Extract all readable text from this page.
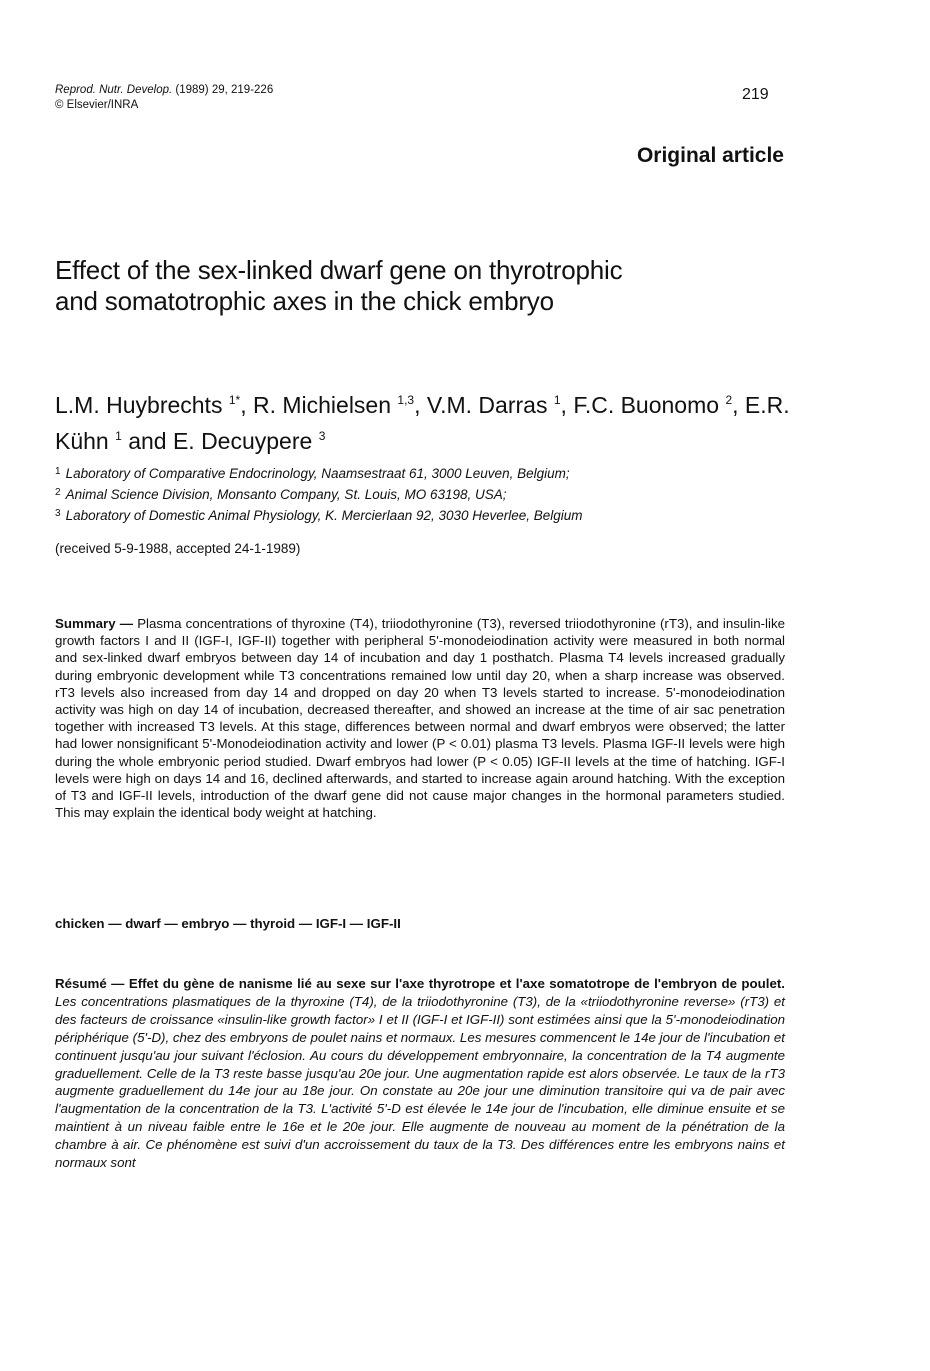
Reprod. Nutr. Develop. (1989) 29, 219-226
© Elsevier/INRA
219
Original article
Effect of the sex-linked dwarf gene on thyrotrophic
and somatotrophic axes in the chick embryo
L.M. Huybrechts $^{1*}$, R. Michielsen $^{1,3}$, V.M. Darras $^1$, F.C. Buonomo $^2$, E.R. Kühn $^1$ and E. Decuypere $^3$
$^1$ Laboratory of Comparative Endocrinology, Naamsestraat 61, 3000 Leuven, Belgium;
$^2$ Animal Science Division, Monsanto Company, St. Louis, MO 63198, USA;
$^3$ Laboratory of Domestic Animal Physiology, K. Mercierlaan 92, 3030 Heverlee, Belgium
(received 5-9-1988, accepted 24-1-1989)
Summary — Plasma concentrations of thyroxine (T4), triiodothyronine (T3), reversed triiodothyronine (rT3), and insulin-like growth factors I and II (IGF-I, IGF-II) together with peripheral 5'-monodeiodination activity were measured in both normal and sex-linked dwarf embryos between day 14 of incubation and day 1 posthatch. Plasma T4 levels increased gradually during embryonic development while T3 concentrations remained low until day 20, when a sharp increase was observed. rT3 levels also increased from day 14 and dropped on day 20 when T3 levels started to increase. 5'-monodeiodination activity was high on day 14 of incubation, decreased thereafter, and showed an increase at the time of air sac penetration together with increased T3 levels. At this stage, differences between normal and dwarf embryos were observed; the latter had lower nonsignificant 5'-Monodeiodination activity and lower (P < 0.01) plasma T3 levels. Plasma IGF-II levels were high during the whole embryonic period studied. Dwarf embryos had lower (P < 0.05) IGF-II levels at the time of hatching. IGF-I levels were high on days 14 and 16, declined afterwards, and started to increase again around hatching. With the exception of T3 and IGF-II levels, introduction of the dwarf gene did not cause major changes in the hormonal parameters studied. This may explain the identical body weight at hatching.
chicken — dwarf — embryo — thyroid — IGF-I — IGF-II
Résumé — Effet du gène de nanisme lié au sexe sur l'axe thyrotrope et l'axe somatotrope de l'embryon de poulet. Les concentrations plasmatiques de la thyroxine (T4), de la triiodothyronine (T3), de la «triiodothyronine reverse» (rT3) et des facteurs de croissance «insulin-like growth factor» I et II (IGF-I et IGF-II) sont estimées ainsi que la 5'-monodeiodination périphérique (5'-D), chez des embryons de poulet nains et normaux. Les mesures commencent le 14e jour de l'incubation et continuent jusqu'au jour suivant l'éclosion. Au cours du développement embryonnaire, la concentration de la T4 augmente graduellement. Celle de la T3 reste basse jusqu'au 20e jour. Une augmentation rapide est alors observée. Le taux de la rT3 augmente graduellement du 14e jour au 18e jour. On constate au 20e jour une diminution transitoire qui va de pair avec l'augmentation de la concentration de la T3. L'activité 5'-D est élevée le 14e jour de l'incubation, elle diminue ensuite et se maintient à un niveau faible entre le 16e et le 20e jour. Elle augmente de nouveau au moment de la pénétration de la chambre à air. Ce phénomène est suivi d'un accroissement du taux de la T3. Des différences entre les embryons nains et normaux sont
